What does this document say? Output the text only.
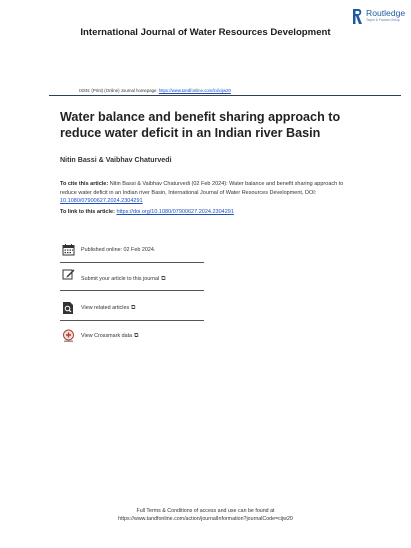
International Journal of Water Resources Development
Routledge
Taylor & Francis Group
ISSN: (Print) (Online) Journal homepage: https://www.tandfonline.com/loi/cijw20
Water balance and benefit sharing approach to reduce water deficit in an Indian river Basin
Nitin Bassi & Vaibhav Chaturvedi
To cite this article: Nitin Bassi & Vaibhav Chaturvedi (02 Feb 2024): Water balance and benefit sharing approach to reduce water deficit in an Indian river Basin, International Journal of Water Resources Development, DOI: 10.1080/07900627.2024.2304291
To link to this article: https://doi.org/10.1080/07900627.2024.2304291
Published online: 02 Feb 2024.
Submit your article to this journal ⧉
View related articles ⧉
View Crossmark data ⧉
Full Terms & Conditions of access and use can be found at
https://www.tandfonline.com/action/journalInformation?journalCode=cijw20
